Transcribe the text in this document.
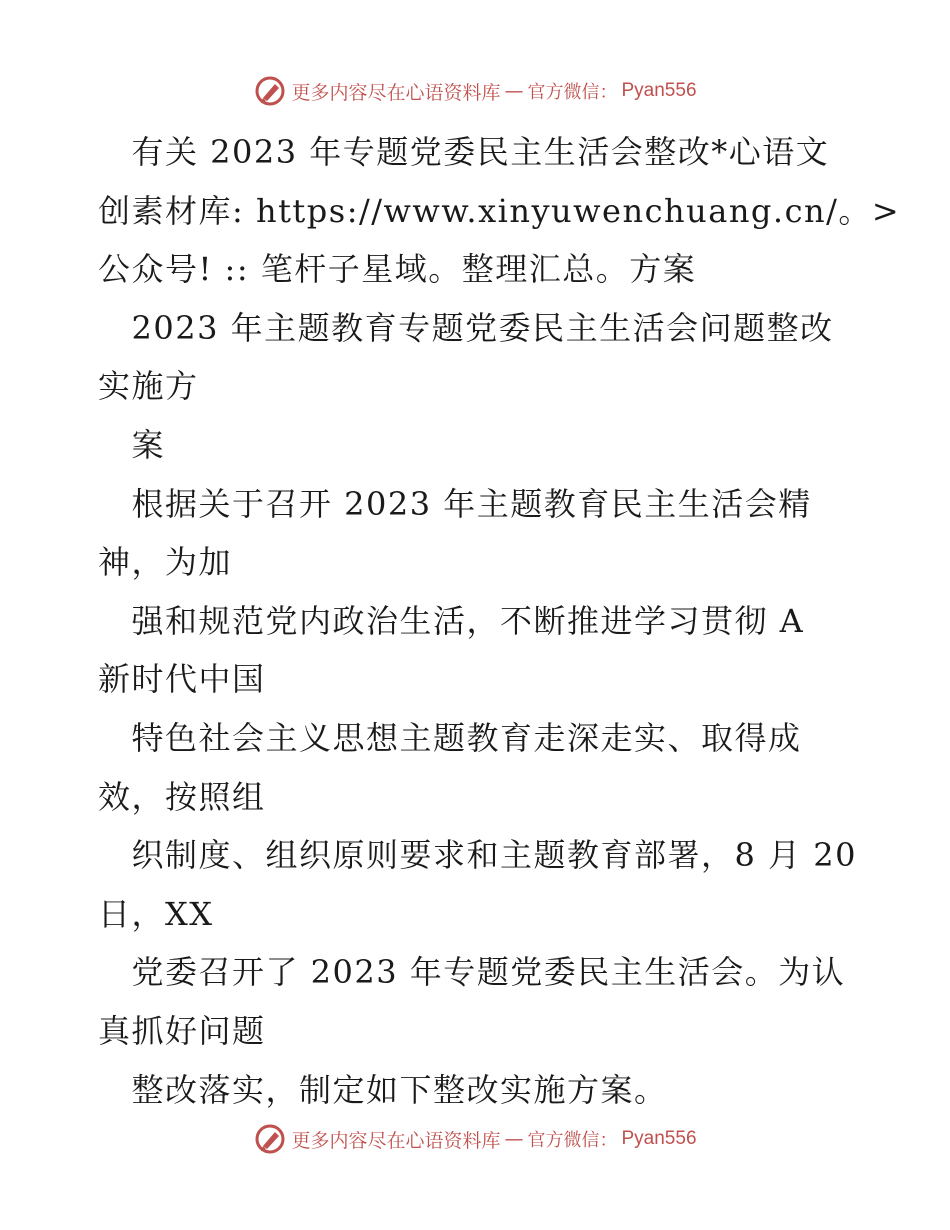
更多内容尽在心语资料库 — 官方微信： Pyan556
　有关 2023 年专题党委民主生活会整改*心语文
创素材库: https://www.xinyuwenchuang.cn/。>
公众号! :: 笔杆子星域。整理汇总。方案
　2023 年主题教育专题党委民主生活会问题整改
实施方
　案
　根据关于召开 2023 年主题教育民主生活会精
神，为加
　强和规范党内政治生活，不断推进学习贯彻 A
新时代中国
　特色社会主义思想主题教育走深走实、取得成
效，按照组
　织制度、组织原则要求和主题教育部署，8 月 20
日，XX
　党委召开了 2023 年专题党委民主生活会。为认
真抓好问题
　整改落实，制定如下整改实施方案。
更多内容尽在心语资料库 — 官方微信： Pyan556
